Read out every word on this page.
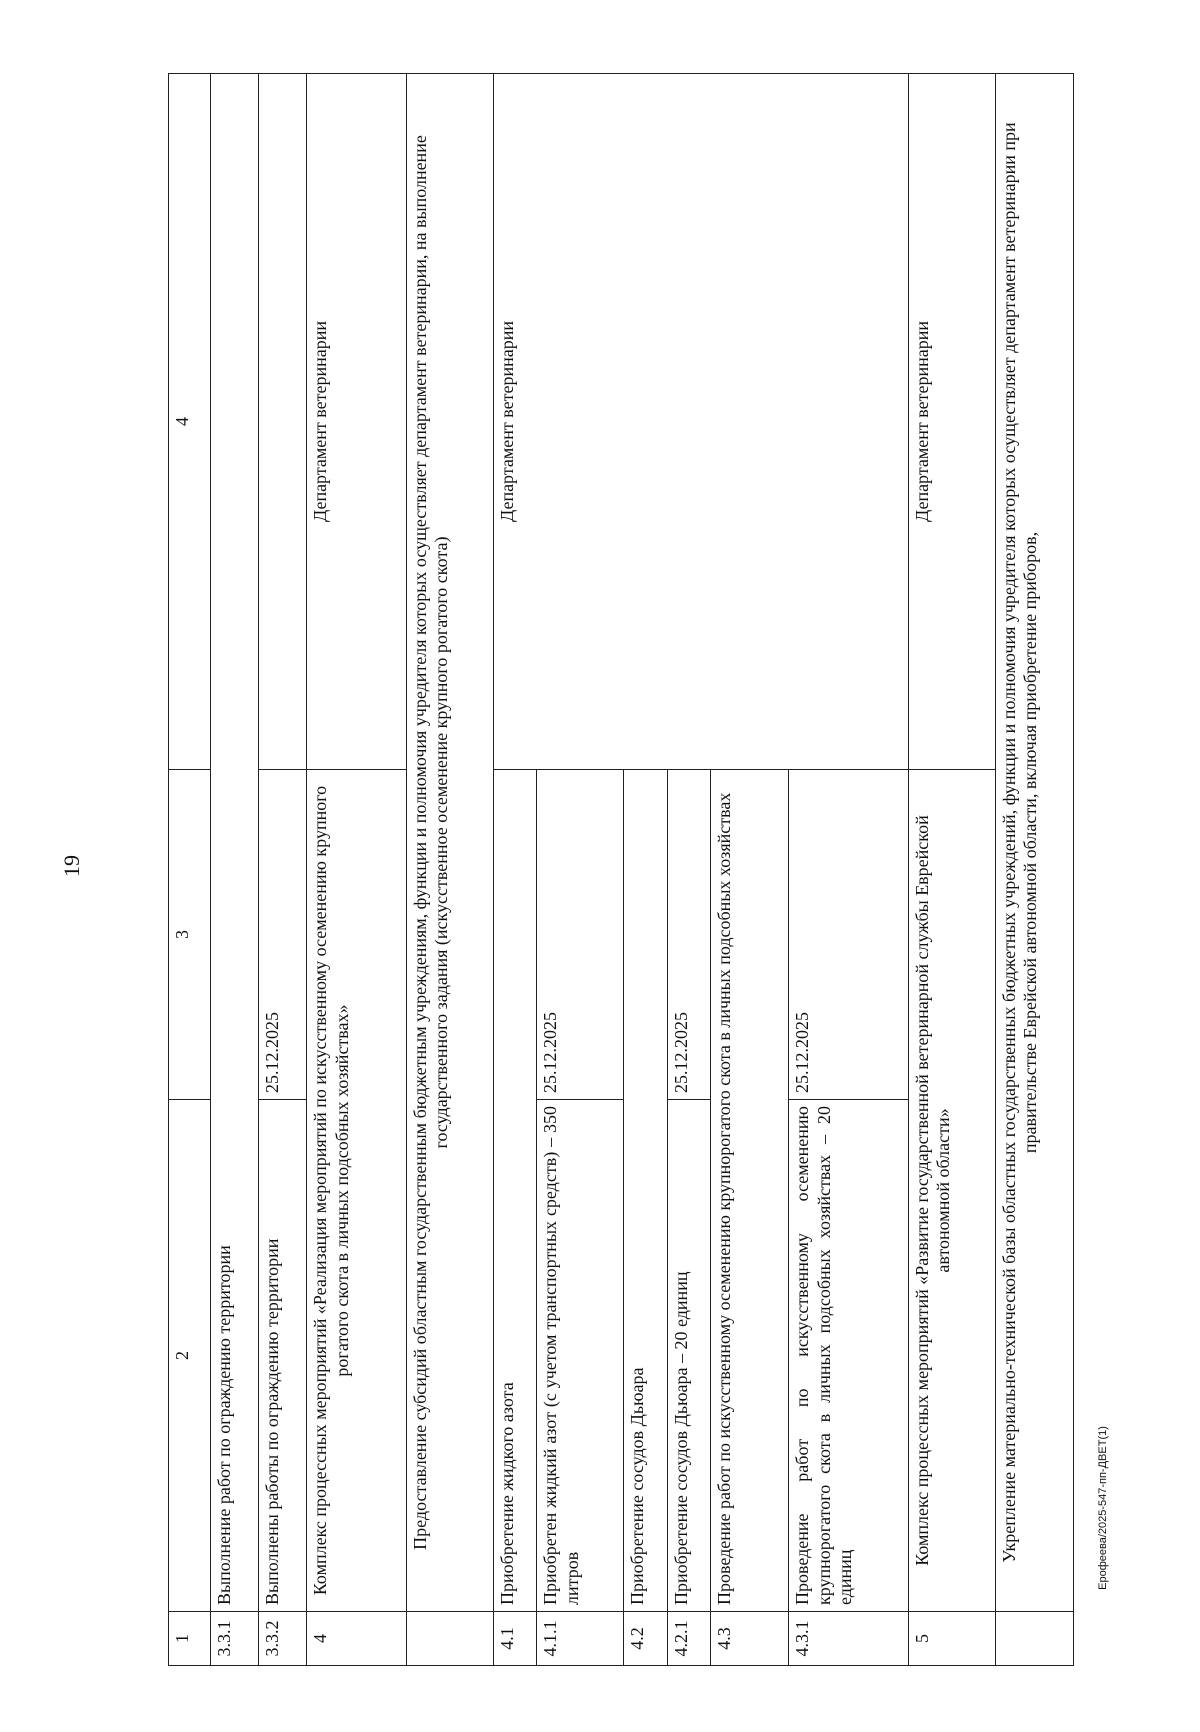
19
1	2	3	4
3.3.1	Выполнение работ по ограждению территории		
3.3.2	Выполнены работы по ограждению территории	25.12.2025	
4	Комплекс процессных мероприятий «Реализация мероприятий по искусственному осеменению крупного рогатого скота в личных подсобных хозяйствах»		Департамент ветеринарии
	Предоставление субсидий областным государственным бюджетным учреждениям, функции и полномочия учредителя которых осуществляет департамент ветеринарии, на выполнение государственного задания (искусственное осеменение крупного рогатого скота)		
4.1	Приобретение жидкого азота		Департамент ветеринарии
4.1.1	Приобретен жидкий азот (с учетом транспортных средств) – 350 литров	25.12.2025	
4.2	Приобретение сосудов Дьюара		
4.2.1	Приобретение сосудов Дьюара – 20 единиц	25.12.2025	
4.3	Проведение работ по искусственному осеменению крупнорогатого скота в личных подсобных хозяйствах		
4.3.1	Проведение работ по искусственному осеменению крупнорогатого скота в личных подсобных хозяйствах – 20 единиц	25.12.2025	
5	Комплекс процессных мероприятий «Развитие государственной ветеринарной службы Еврейской автономной области»		Департамент ветеринарии
	Укрепление материально-технической базы областных государственных бюджетных учреждений, функции и полномочия учредителя которых осуществляет департамент ветеринарии при правительстве Еврейской автономной области, включая приобретение приборов,		
Ерофеева/2025-547-пп-ДВЕТ(1)
